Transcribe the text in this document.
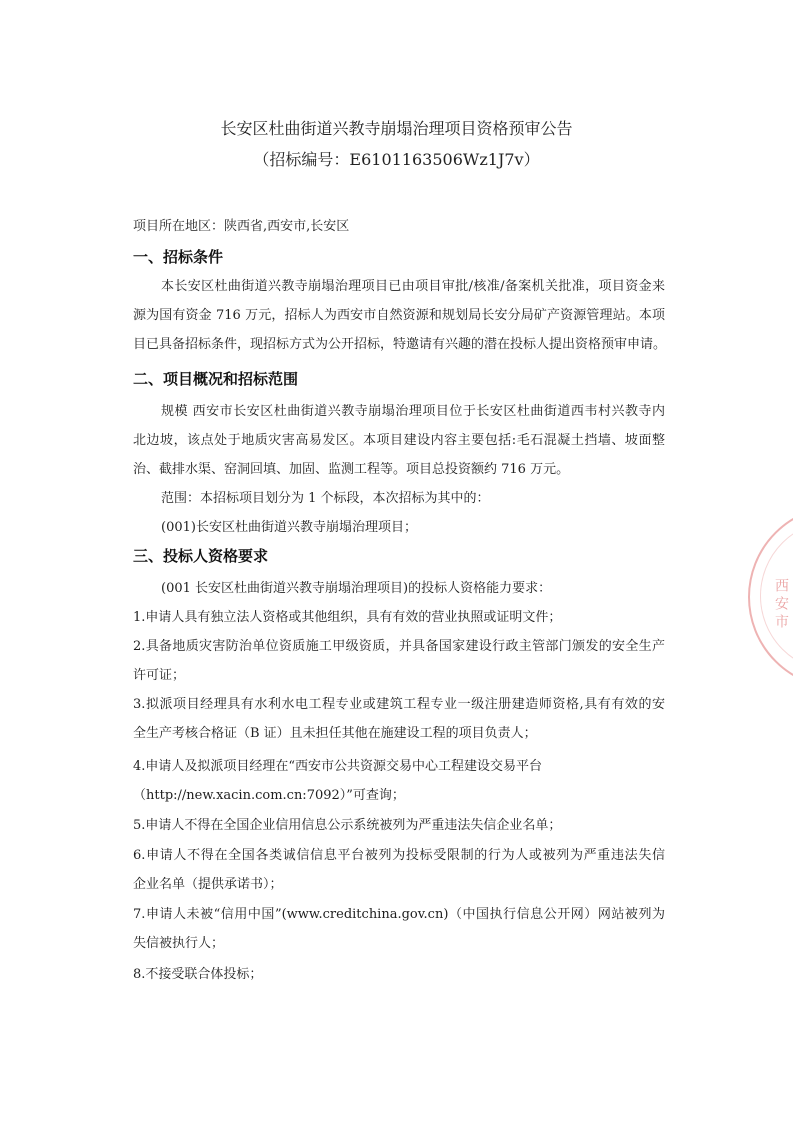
长安区杜曲街道兴教寺崩塌治理项目资格预审公告
（招标编号：E6101163506Wz1J7v）
项目所在地区：陕西省,西安市,长安区
一、招标条件
本长安区杜曲街道兴教寺崩塌治理项目已由项目审批/核准/备案机关批准，项目资金来
源为国有资金 716 万元，招标人为西安市自然资源和规划局长安分局矿产资源管理站。本项
目已具备招标条件，现招标方式为公开招标，特邀请有兴趣的潜在投标人提出资格预审申请。
二、项目概况和招标范围
规模 西安市长安区杜曲街道兴教寺崩塌治理项目位于长安区杜曲街道西韦村兴教寺内
北边坡，该点处于地质灾害高易发区。本项目建设内容主要包括:毛石混凝土挡墙、坡面整
治、截排水渠、窑洞回填、加固、监测工程等。项目总投资额约 716 万元。
范围：本招标项目划分为 1 个标段，本次招标为其中的：
(001)长安区杜曲街道兴教寺崩塌治理项目；
三、投标人资格要求
(001 长安区杜曲街道兴教寺崩塌治理项目)的投标人资格能力要求：
1.申请人具有独立法人资格或其他组织，具有有效的营业执照或证明文件；
2.具备地质灾害防治单位资质施工甲级资质，并具备国家建设行政主管部门颁发的安全生产
许可证；
3.拟派项目经理具有水利水电工程专业或建筑工程专业一级注册建造师资格,具有有效的安
全生产考核合格证（B 证）且未担任其他在施建设工程的项目负责人；
4.申请人及拟派项目经理在“西安市公共资源交易中心工程建设交易平台
（http://new.xacin.com.cn:7092）”可查询；
5.申请人不得在全国企业信用信息公示系统被列为严重违法失信企业名单；
6.申请人不得在全国各类诚信信息平台被列为投标受限制的行为人或被列为严重违法失信
企业名单（提供承诺书）；
7.申请人未被“信用中国”(www.creditchina.gov.cn)（中国执行信息公开网）网站被列为
失信被执行人；
8.不接受联合体投标；
西安市
